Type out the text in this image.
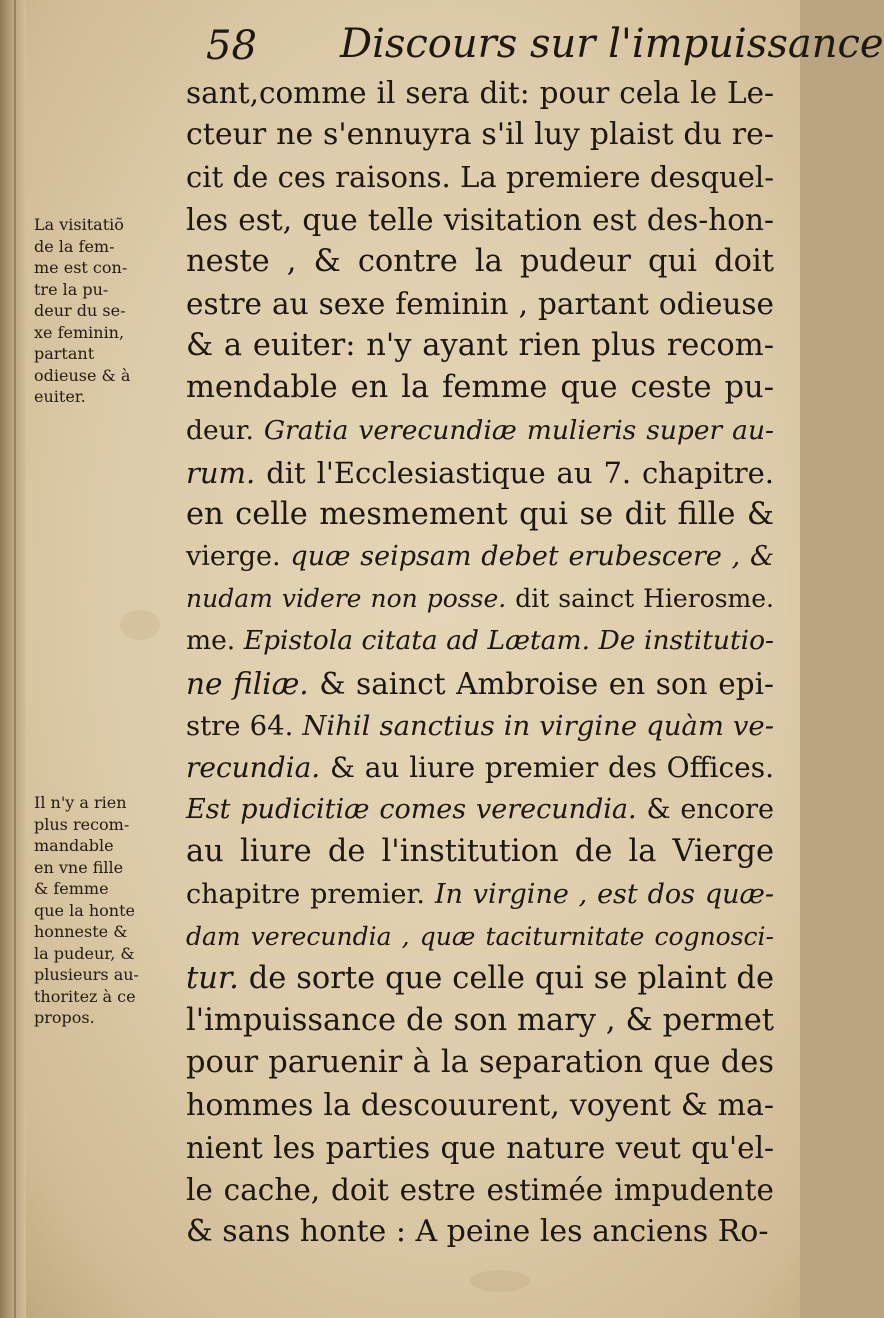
58 Discours sur l'impuissance
sant,comme il sera dit: pour cela le Le-
cteur ne s'ennuyra s'il luy plaist du re-
cit de ces raisons. La premiere desquel-
les est, que telle visitation est des-hon-
neste , & contre la pudeur qui doit
estre au sexe feminin , partant odieuse
& a euiter: n'y ayant rien plus recom-
mendable en la femme que ceste pu-
deur. Gratia verecundiæ mulieris super au-
rum. dit l'Ecclesiastique au 7. chapitre.
en celle mesmement qui se dit fille &
vierge. quæ seipsam debet erubescere , &
nudam videre non posse. dit sainct Hierosme.
me. Epistola citata ad Lætam. De institutio-
ne filiæ. & sainct Ambroise en son epi-
stre 64. Nihil sanctius in virgine quàm ve-
recundia. & au liure premier des Offices.
Est pudicitiæ comes verecundia. & encore
au liure de l'institution de la Vierge
chapitre premier. In virgine , est dos quæ-
dam verecundia , quæ taciturnitate cognosci-
tur. de sorte que celle qui se plaint de
l'impuissance de son mary , & permet
pour paruenir à la separation que des
hommes la descouurent, voyent & ma-
nient les parties que nature veut qu'el-
le cache, doit estre estimée impudente
& sans honte : A peine les anciens Ro-
La visitatiõ
de la fem-
me est con-
tre la pu-
deur du se-
xe feminin,
partant
odieuse & à
euiter.
Il n'y a rien
plus recom-
mandable
en vne fille
& femme
que la honte
honneste &
la pudeur, &
plusieurs au-
thoritez à ce
propos.
